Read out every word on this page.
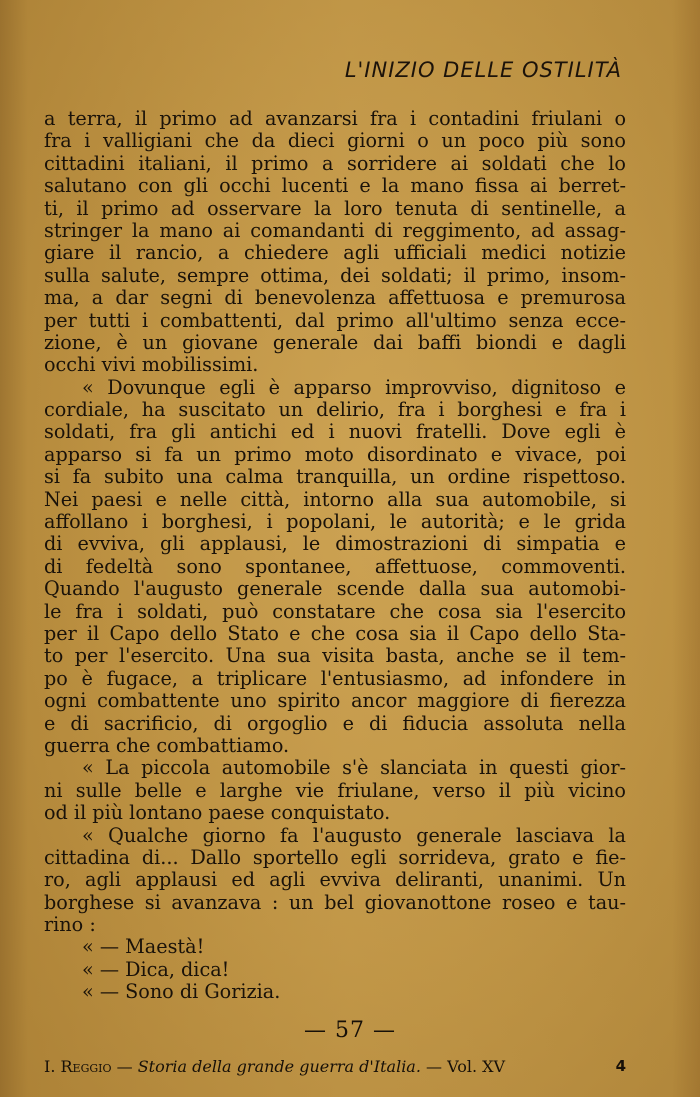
L'INIZIO DELLE OSTILITÀ
a terra, il primo ad avanzarsi fra i contadini friulani o
fra i valligiani che da dieci giorni o un poco più sono
cittadini italiani, il primo a sorridere ai soldati che lo
salutano con gli occhi lucenti e la mano fissa ai berret-
ti, il primo ad osservare la loro tenuta di sentinelle, a
stringer la mano ai comandanti di reggimento, ad assag-
giare il rancio, a chiedere agli ufficiali medici notizie
sulla salute, sempre ottima, dei soldati; il primo, insom-
ma, a dar segni di benevolenza affettuosa e premurosa
per tutti i combattenti, dal primo all'ultimo senza ecce-
zione, è un giovane generale dai baffi biondi e dagli
occhi vivi mobilissimi.
« Dovunque egli è apparso improvviso, dignitoso e
cordiale, ha suscitato un delirio, fra i borghesi e fra i
soldati, fra gli antichi ed i nuovi fratelli. Dove egli è
apparso si fa un primo moto disordinato e vivace, poi
si fa subito una calma tranquilla, un ordine rispettoso.
Nei paesi e nelle città, intorno alla sua automobile, si
affollano i borghesi, i popolani, le autorità; e le grida
di evviva, gli applausi, le dimostrazioni di simpatia e
di fedeltà sono spontanee, affettuose, commoventi.
Quando l'augusto generale scende dalla sua automobi-
le fra i soldati, può constatare che cosa sia l'esercito
per il Capo dello Stato e che cosa sia il Capo dello Sta-
to per l'esercito. Una sua visita basta, anche se il tem-
po è fugace, a triplicare l'entusiasmo, ad infondere in
ogni combattente uno spirito ancor maggiore di fierezza
e di sacrificio, di orgoglio e di fiducia assoluta nella
guerra che combattiamo.
« La piccola automobile s'è slanciata in questi gior-
ni sulle belle e larghe vie friulane, verso il più vicino
od il più lontano paese conquistato.
« Qualche giorno fa l'augusto generale lasciava la
cittadina di... Dallo sportello egli sorrideva, grato e fie-
ro, agli applausi ed agli evviva deliranti, unanimi. Un
borghese si avanzava : un bel giovanottone roseo e tau-
rino :
« — Maestà!
« — Dica, dica!
« — Sono di Gorizia.
— 57 —
I. Reggio — Storia della grande guerra d'Italia. — Vol. XV	4
